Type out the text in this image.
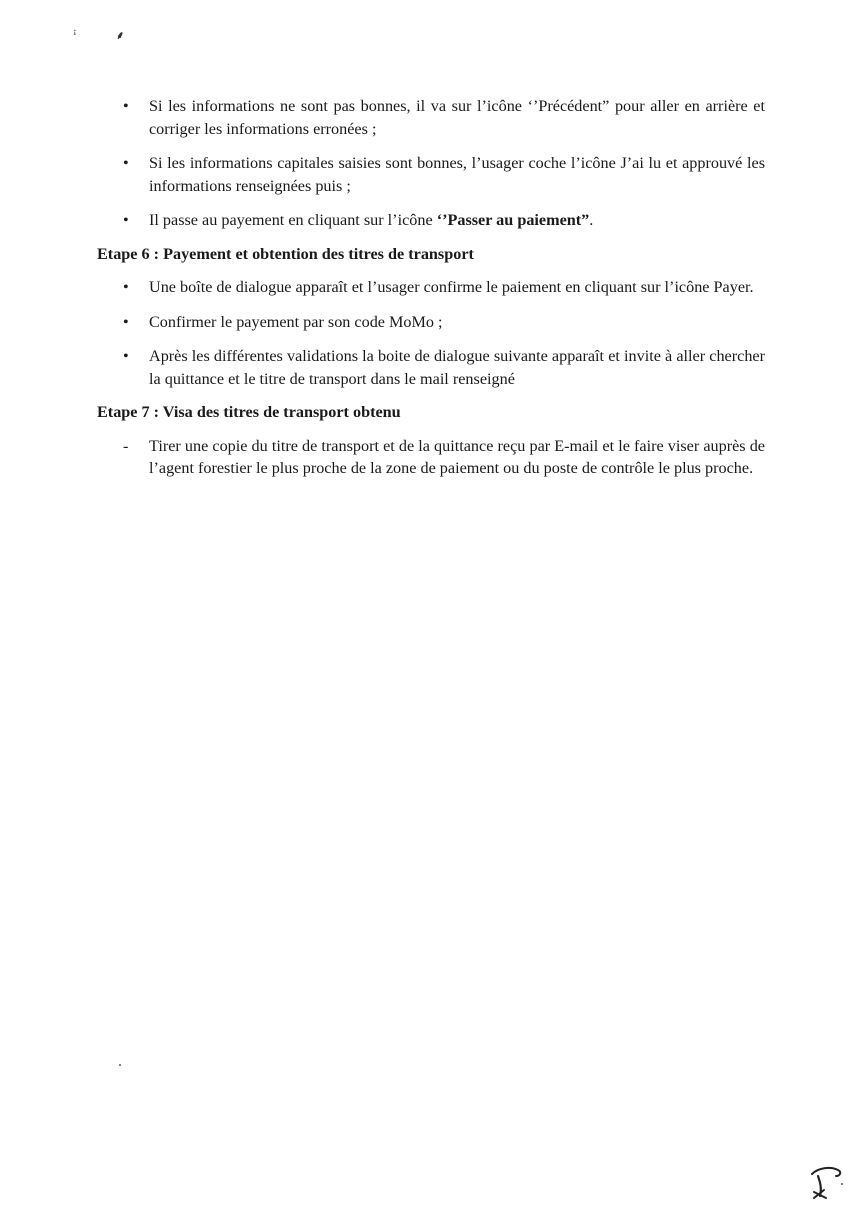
ꜟ	⸙
•	Si les informations ne sont pas bonnes, il va sur l’icône ‘’Précédent” pour aller en arrière et corriger les informations erronées ;
•	Si les informations capitales saisies sont bonnes, l’usager coche l’icône J’ai lu et approuvé les informations renseignées puis ;
•	Il passe au payement en cliquant sur l’icône ‘’Passer au paiement”.
Etape 6 : Payement et obtention des titres de transport
•	Une boîte de dialogue apparaît et l’usager confirme le paiement en cliquant sur l’icône Payer.
•	Confirmer le payement par son code MoMo ;
•	Après les différentes validations la boite de dialogue suivante apparaît et invite à aller chercher la quittance et le titre de transport dans le mail renseigné
Etape 7 : Visa des titres de transport obtenu
-	Tirer une copie du titre de transport et de la quittance reçu par E-mail et le faire viser auprès de l’agent forestier le plus proche de la zone de paiement ou du poste de contrôle le plus proche.
